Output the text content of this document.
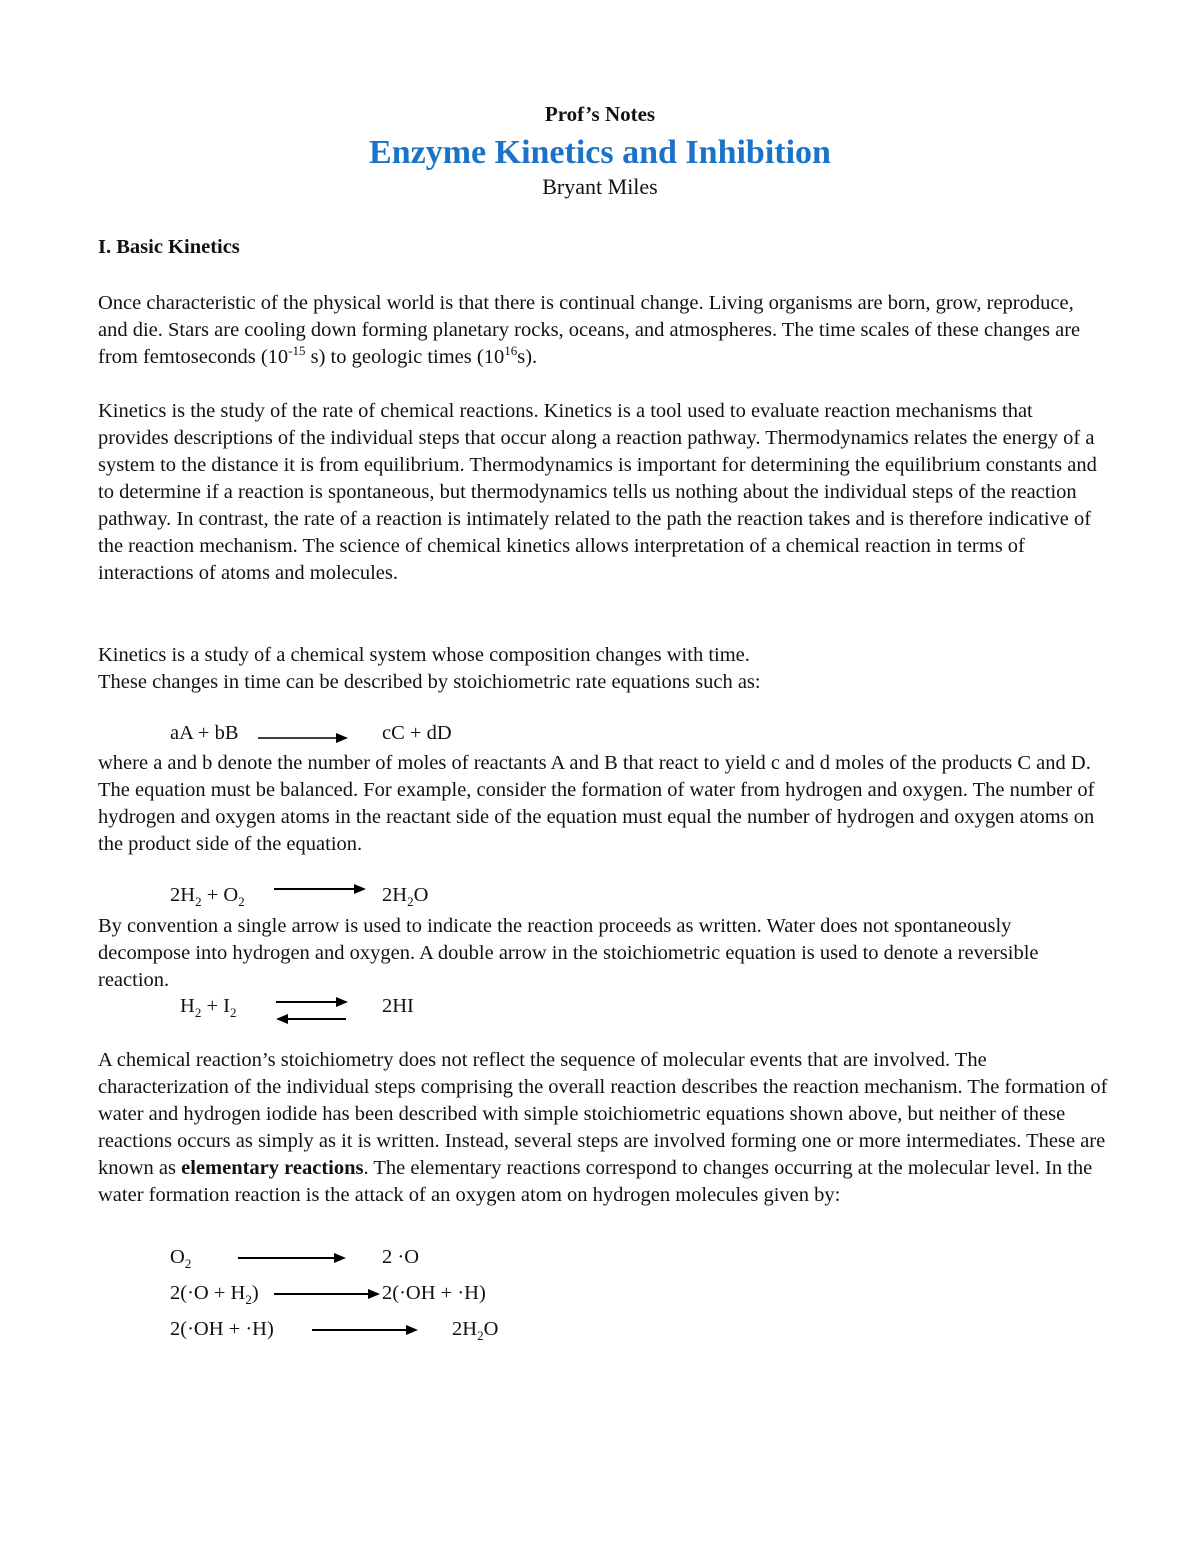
Prof’s Notes
Enzyme Kinetics and Inhibition
Bryant Miles
I. Basic Kinetics
Once characteristic of the physical world is that there is continual change. Living organisms are born, grow, reproduce, and die. Stars are cooling down forming planetary rocks, oceans, and atmospheres. The time scales of these changes are from femtoseconds ($10^{-15}$ s) to geologic times $(10^{16}s)$.
Kinetics is the study of the rate of chemical reactions. Kinetics is a tool used to evaluate reaction mechanisms that provides descriptions of the individual steps that occur along a reaction pathway. Thermodynamics relates the energy of a system to the distance it is from equilibrium. Thermodynamics is important for determining the equilibrium constants and to determine if a reaction is spontaneous, but thermodynamics tells us nothing about the individual steps of the reaction pathway. In contrast, the rate of a reaction is intimately related to the path the reaction takes and is therefore indicative of the reaction mechanism. The science of chemical kinetics allows interpretation of a chemical reaction in terms of interactions of atoms and molecules.
Kinetics is a study of a chemical system whose composition changes with time.
These changes in time can be described by stoichiometric rate equations such as:
aA + bB	cC + dD
where a and b denote the number of moles of reactants A and B that react to yield c and d moles of the products C and D. The equation must be balanced. For example, consider the formation of water from hydrogen and oxygen. The number of hydrogen and oxygen atoms in the reactant side of the equation must equal the number of hydrogen and oxygen atoms on the product side of the equation.
$2H_2 + O_2$	$2H_2O$
By convention a single arrow is used to indicate the reaction proceeds as written. Water does not spontaneously decompose into hydrogen and oxygen. A double arrow in the stoichiometric equation is used to denote a reversible reaction.
$H_2 + I_2$	2HI
A chemical reaction’s stoichiometry does not reflect the sequence of molecular events that are involved. The characterization of the individual steps comprising the overall reaction describes the reaction mechanism. The formation of water and hydrogen iodide has been described with simple stoichiometric equations shown above, but neither of these reactions occurs as simply as it is written. Instead, several steps are involved forming one or more intermediates. These are known as elementary reactions. The elementary reactions correspond to changes occurring at the molecular level. In the water formation reaction is the attack of an oxygen atom on hydrogen molecules given by:
$O_2$	2 ·O
$2(\cdot O + H_2)$	2(·OH + ·H)
2(·OH + ·H)	$2H_2O$
